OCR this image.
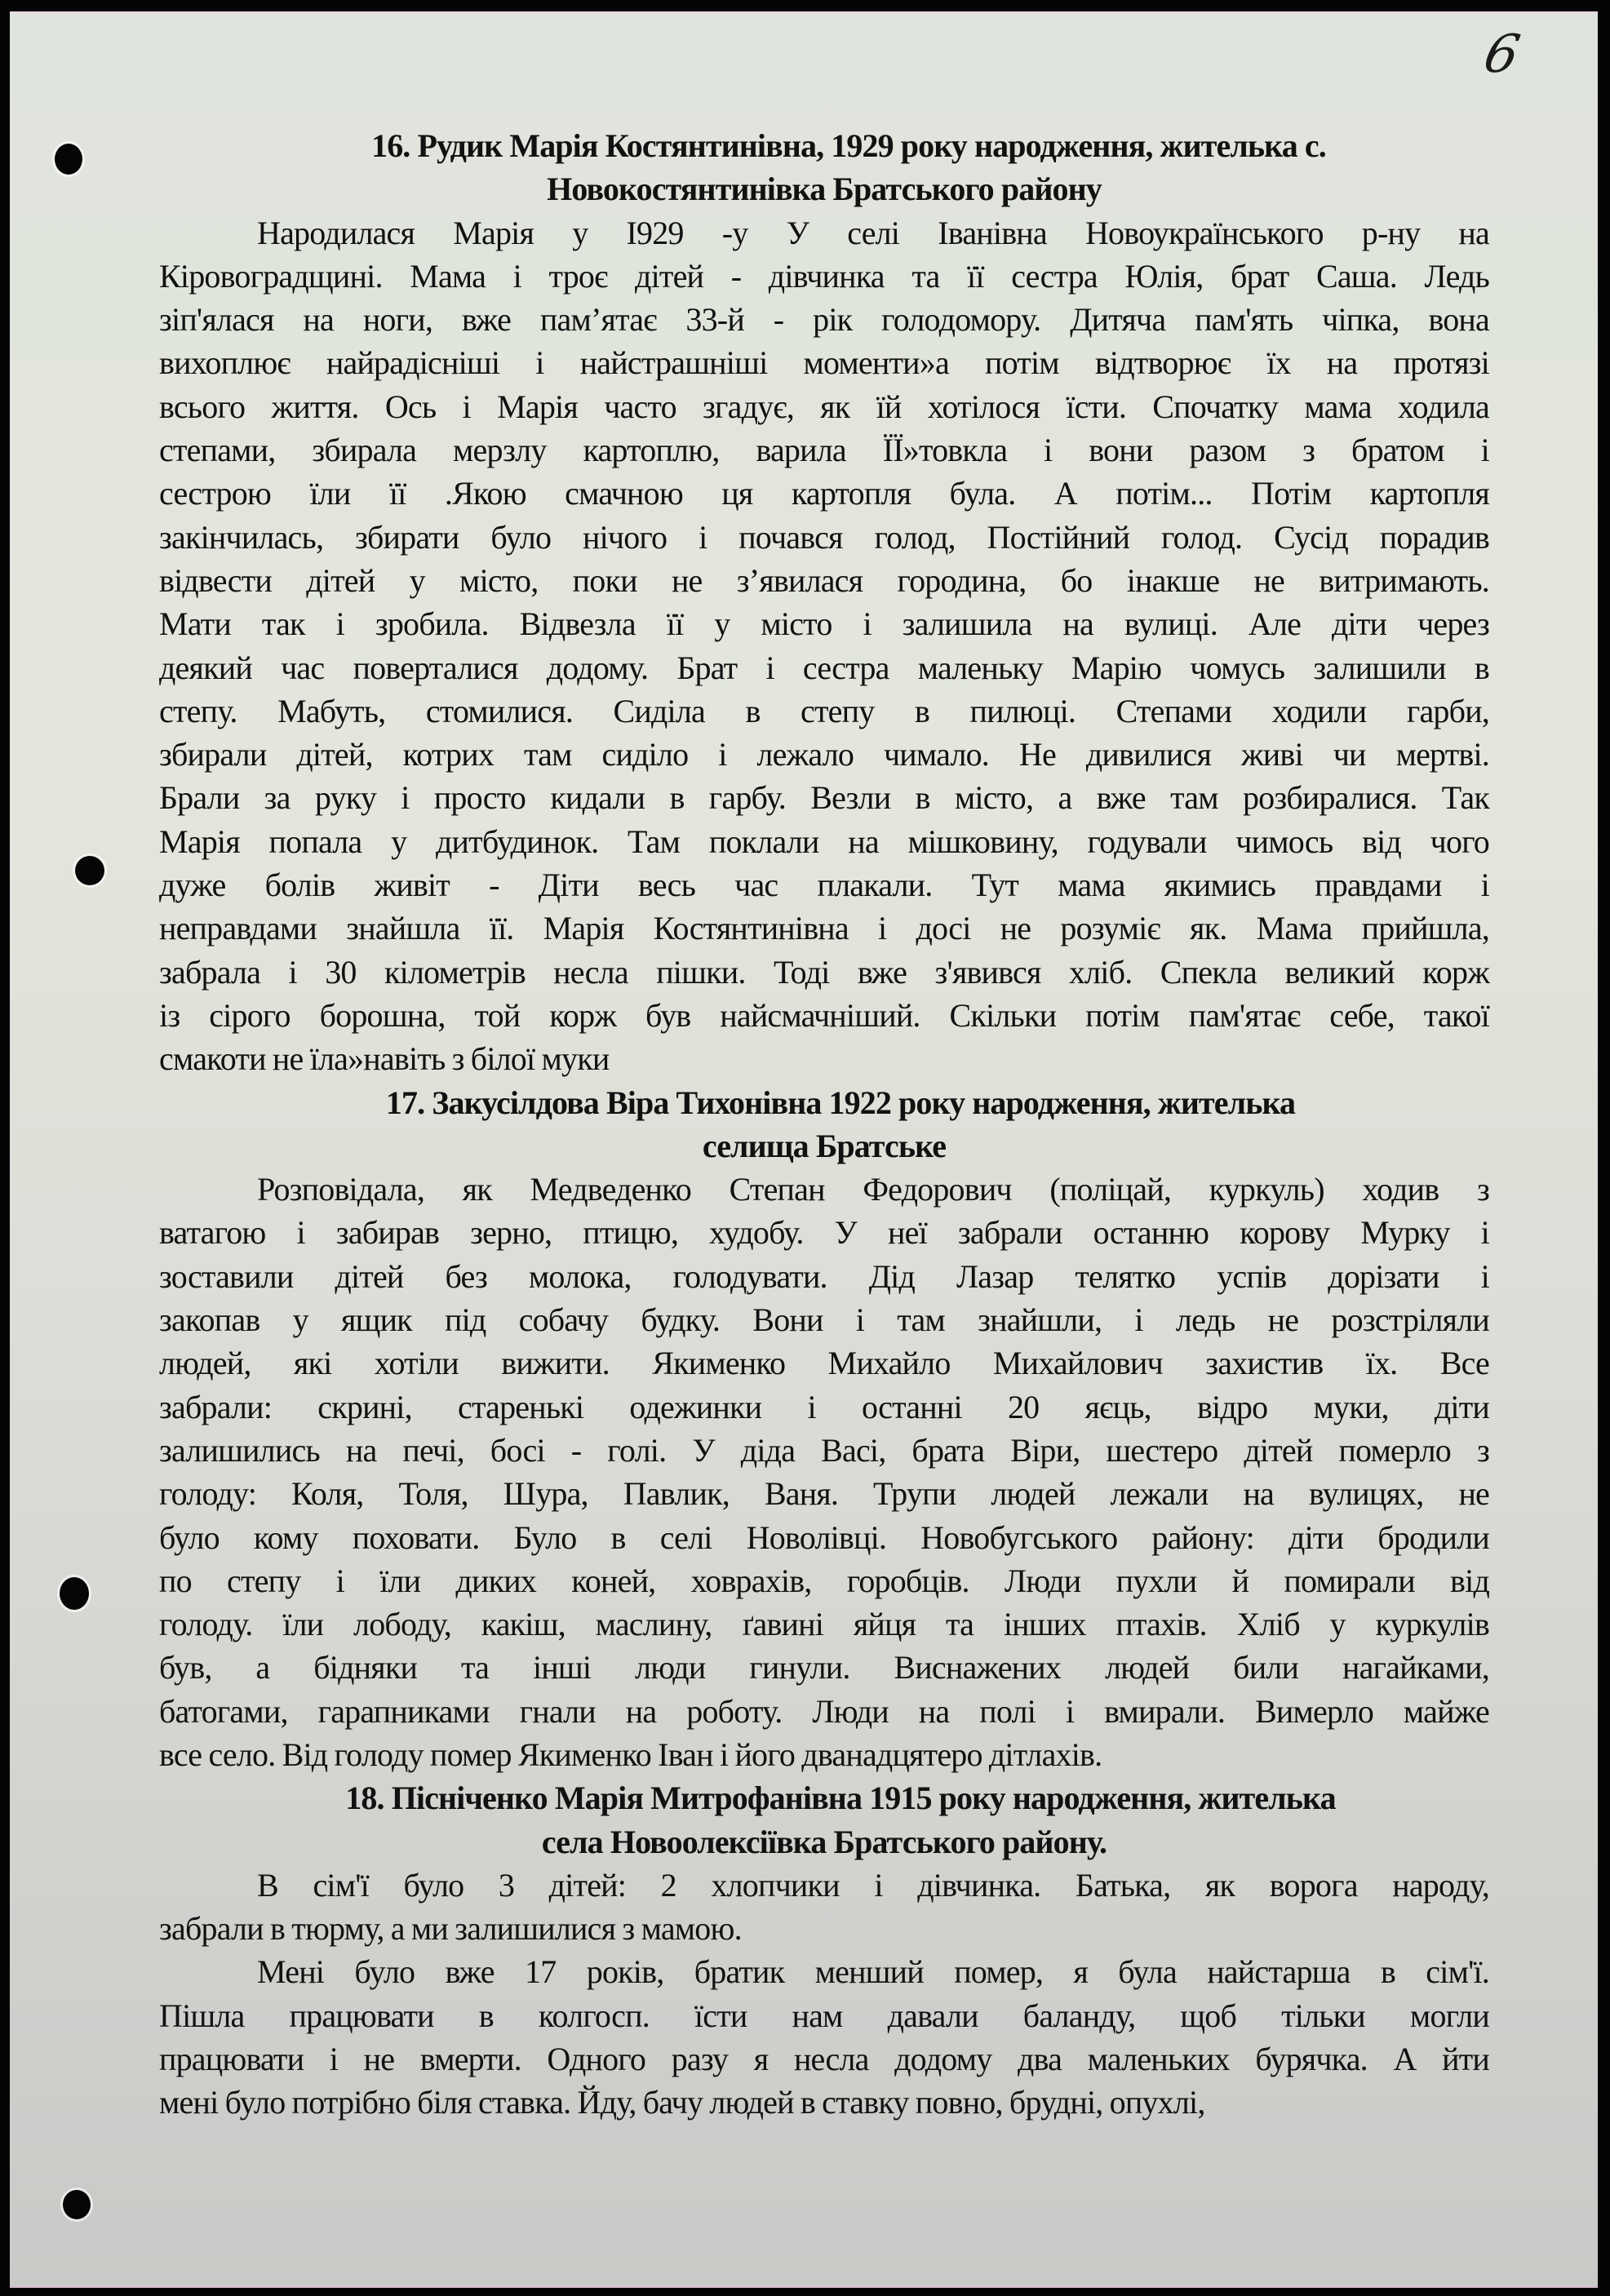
6
16. Рудик Марія Костянтинівна, 1929 року народження, жителька с.
Новокостянтинівка Братського району
Народилася Марія у I929 -у У селі Іванівна Новоукраїнського р-ну на
Кіровоградщині. Мама і троє дітей - дівчинка та її сестра Юлія, брат Саша. Ледь
зіп'ялася на ноги, вже пам’ятає 33-й - рік голодомору. Дитяча пам'ять чіпка, вона
вихоплює найрадісніші і найстрашніші моменти»а потім відтворює їх на протязі
всього життя. Ось і Марія часто згадує, як їй хотілося їсти. Спочатку мама ходила
степами, збирала мерзлу картоплю, варила ЇЇ»товкла і вони разом з братом і
сестрою їли її .Якою смачною ця картопля була. А потім... Потім картопля
закінчилась, збирати було нічого і почався голод, Постійний голод. Сусід порадив
відвести дітей у місто, поки не з’явилася городина, бо інакше не витримають.
Мати так і зробила. Відвезла її у місто і залишила на вулиці. Але діти через
деякий час поверталися додому. Брат і сестра маленьку Марію чомусь залишили в
степу. Мабуть, стомилися. Сиділа в степу в пилюці. Степами ходили гарби,
збирали дітей, котрих там сиділо і лежало чимало. Не дивилися живі чи мертві.
Брали за руку і просто кидали в гарбу. Везли в місто, а вже там розбиралися. Так
Марія попала у дитбудинок. Там поклали на мішковину, годували чимось від чого
дуже болів живіт - Діти весь час плакали. Тут мама якимись правдами і
неправдами знайшла її. Марія Костянтинівна і досі не розуміє як. Мама прийшла,
забрала і 30 кілометрів несла пішки. Тоді вже з'явився хліб. Спекла великий корж
із сірого борошна, той корж був найсмачніший. Скільки потім пам'ятає себе, такої
смакоти не їла»навіть з білої муки
17. Закусілдова Віра Тихонівна 1922 року народження, жителька
селища Братське
Розповідала, як Медведенко Степан Федорович (поліцай, куркуль) ходив з
ватагою і забирав зерно, птицю, худобу. У неї забрали останню корову Мурку і
зоставили дітей без молока, голодувати. Дід Лазар телятко успів дорізати і
закопав у ящик під собачу будку. Вони і там знайшли, і ледь не розстріляли
людей, які хотіли вижити. Якименко Михайло Михайлович захистив їх. Все
забрали: скрині, старенькі одежинки і останні 20 яєць, відро муки, діти
залишились на печі, босі - голі. У діда Васі, брата Віри, шестеро дітей померло з
голоду: Коля, Толя, Шура, Павлик, Ваня. Трупи людей лежали на вулицях, не
було кому поховати. Було в селі Новолівці. Новобугського району: діти бродили
по степу і їли диких коней, ховрахів, горобців. Люди пухли й помирали від
голоду. їли лободу, какіш, маслину, ґавині яйця та інших птахів. Хліб у куркулів
був, а бідняки та інші люди гинули. Виснажених людей били нагайками,
батогами, гарапниками гнали на роботу. Люди на полі і вмирали. Вимерло майже
все село. Від голоду помер Якименко Іван і його дванадцятеро дітлахів.
18. Пісніченко Марія Митрофанівна 1915 року народження, жителька
села Новоолексіївка Братського району.
В сім'ї було 3 дітей: 2 хлопчики і дівчинка. Батька, як ворога народу,
забрали в тюрму, а ми залишилися з мамою.
Мені було вже 17 років, братик менший помер, я була найстарша в сім'ї.
Пішла працювати в колгосп. їсти нам давали баланду, щоб тільки могли
працювати і не вмерти. Одного разу я несла додому два маленьких бурячка. А йти
мені було потрібно біля ставка. Йду, бачу людей в ставку повно, брудні, опухлі,
